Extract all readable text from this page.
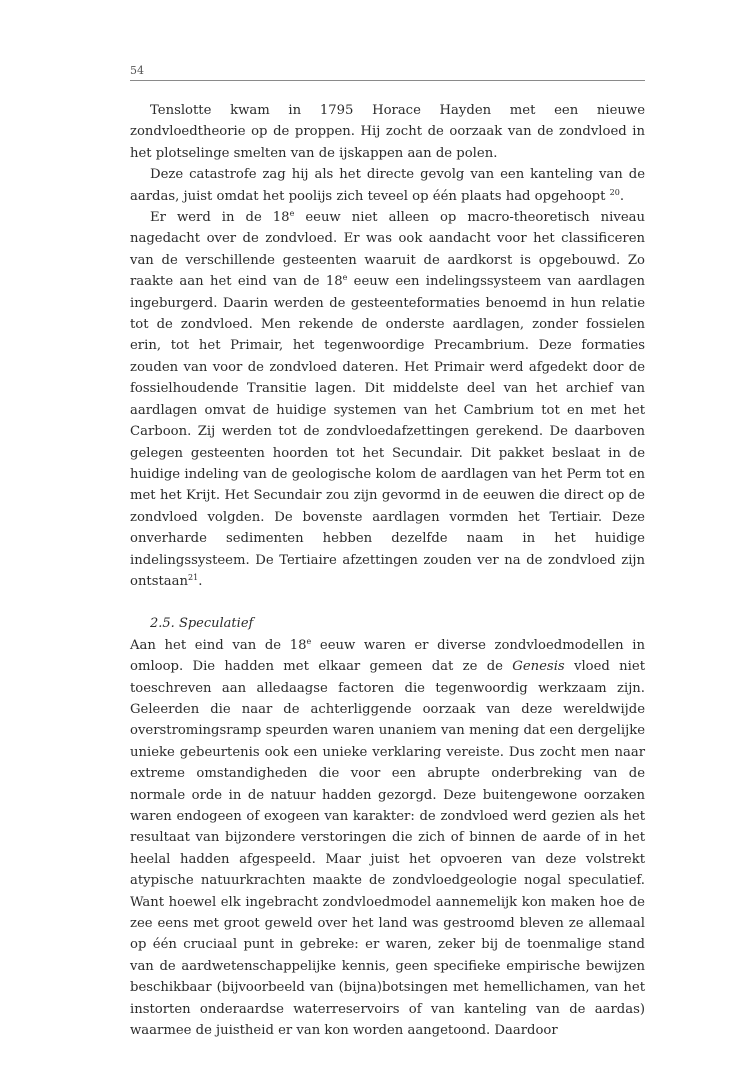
54

Tenslotte kwam in 1795 Horace Hayden met een nieuwe zondvloedtheorie op de proppen. Hij zocht de oorzaak van de zondvloed in het plotselinge smelten van de ijskappen aan de polen.

Deze catastrofe zag hij als het directe gevolg van een kanteling van de aardas, juist omdat het poolijs zich teveel op één plaats had opgehoopt $^{20}$.

Er werd in de 18e eeuw niet alleen op macro-theoretisch niveau nagedacht over de zondvloed. Er was ook aandacht voor het classificeren van de verschillende gesteenten waaruit de aardkorst is opgebouwd. Zo raakte aan het eind van de 18e eeuw een indelingssysteem van aardlagen ingeburgerd. Daarin werden de gesteenteformaties benoemd in hun relatie tot de zondvloed. Men rekende de onderste aardlagen, zonder fossielen erin, tot het Primair, het tegenwoordige Precambrium. Deze formaties zouden van voor de zondvloed dateren. Het Primair werd afgedekt door de fossielhoudende Transitie lagen. Dit middelste deel van het archief van aardlagen omvat de huidige systemen van het Cambrium tot en met het Carboon. Zij werden tot de zondvloedafzettingen gerekend. De daarboven gelegen gesteenten hoorden tot het Secundair. Dit pakket beslaat in de huidige indeling van de geologische kolom de aardlagen van het Perm tot en met het Krijt. Het Secundair zou zijn gevormd in de eeuwen die direct op de zondvloed volgden. De bovenste aardlagen vormden het Tertiair. Deze onverharde sedimenten hebben dezelfde naam in het huidige indelingssysteem. De Tertiaire afzettingen zouden ver na de zondvloed zijn ontstaan$^{21}$.

2.5. Speculatief

Aan het eind van de 18e eeuw waren er diverse zondvloedmodellen in omloop. Die hadden met elkaar gemeen dat ze de Genesis vloed niet toeschreven aan alledaagse factoren die tegenwoordig werkzaam zijn. Geleerden die naar de achterliggende oorzaak van deze wereldwijde overstromingsramp speurden waren unaniem van mening dat een dergelijke unieke gebeurtenis ook een unieke verklaring vereiste. Dus zocht men naar extreme omstandigheden die voor een abrupte onderbreking van de normale orde in de natuur hadden gezorgd. Deze buitengewone oorzaken waren endogeen of exogeen van karakter: de zondvloed werd gezien als het resultaat van bijzondere verstoringen die zich of binnen de aarde of in het heelal hadden afgespeeld. Maar juist het opvoeren van deze volstrekt atypische natuurkrachten maakte de zondvloedgeologie nogal speculatief. Want hoewel elk ingebracht zondvloedmodel aannemelijk kon maken hoe de zee eens met groot geweld over het land was gestroomd bleven ze allemaal op één cruciaal punt in gebreke: er waren, zeker bij de toenmalige stand van de aardwetenschappelijke kennis, geen specifieke empirische bewijzen beschikbaar (bijvoorbeeld van (bijna)botsingen met hemellichamen, van het instorten onderaardse waterreservoirs of van kanteling van de aardas) waarmee de juistheid er van kon worden aangetoond. Daardoor
